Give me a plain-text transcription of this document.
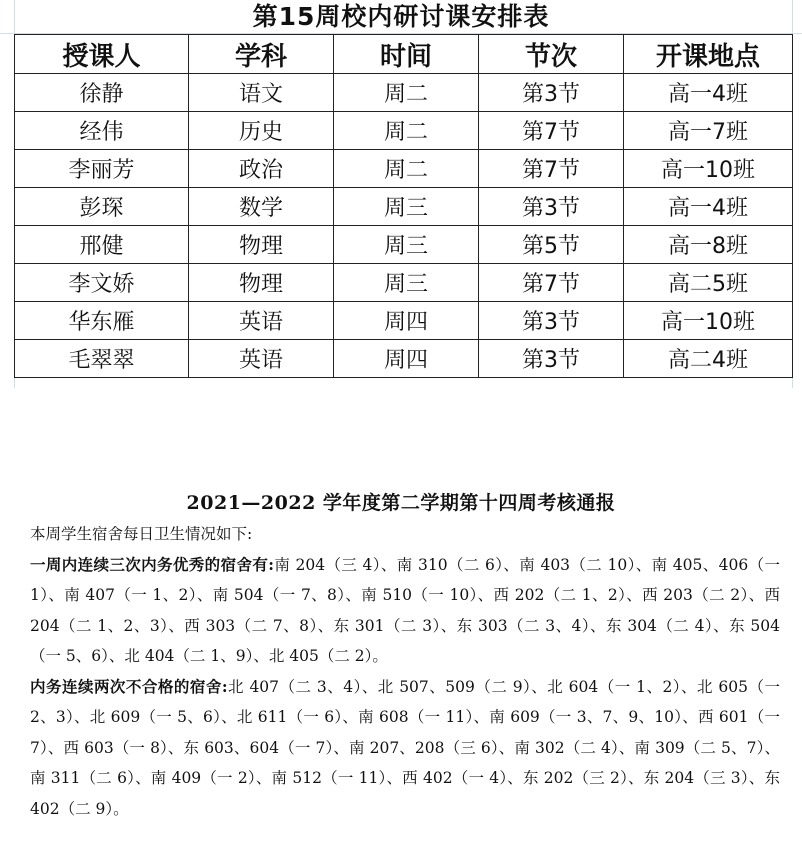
第15周校内研讨课安排表
授课人	学科	时间	节次	开课地点
徐静	语文	周二	第3节	高一4班
经伟	历史	周二	第7节	高一7班
李丽芳	政治	周二	第7节	高一10班
彭琛	数学	周三	第3节	高一4班
邢健	物理	周三	第5节	高一8班
李文娇	物理	周三	第7节	高二5班
华东雁	英语	周四	第3节	高一10班
毛翠翠	英语	周四	第3节	高二4班
2021—2022 学年度第二学期第十四周考核通报

本周学生宿舍每日卫生情况如下:

一周内连续三次内务优秀的宿舍有:南 204（三 4）、南 310（二 6）、南 403（二 10）、南 405、406（一 1）、南 407（一 1、2）、南 504（一 7、8）、南 510（一 10）、西 202（二 1、2）、西 203（二 2）、西 204（二 1、2、3）、西 303（二 7、8）、东 301（二 3）、东 303（二 3、4）、东 304（二 4）、东 504（一 5、6）、北 404（二 1、9）、北 405（二 2）。

内务连续两次不合格的宿舍:北 407（二 3、4）、北 507、509（二 9）、北 604（一 1、2）、北 605（一 2、3）、北 609（一 5、6）、北 611（一 6）、南 608（一 11）、南 609（一 3、7、9、10）、西 601（一 7）、西 603（一 8）、东 603、604（一 7）、南 207、208（三 6）、南 302（二 4）、南 309（二 5、7）、南 311（二 6）、南 409（一 2）、南 512（一 11）、西 402（一 4）、东 202（三 2）、东 204（三 3）、东 402（二 9）。
